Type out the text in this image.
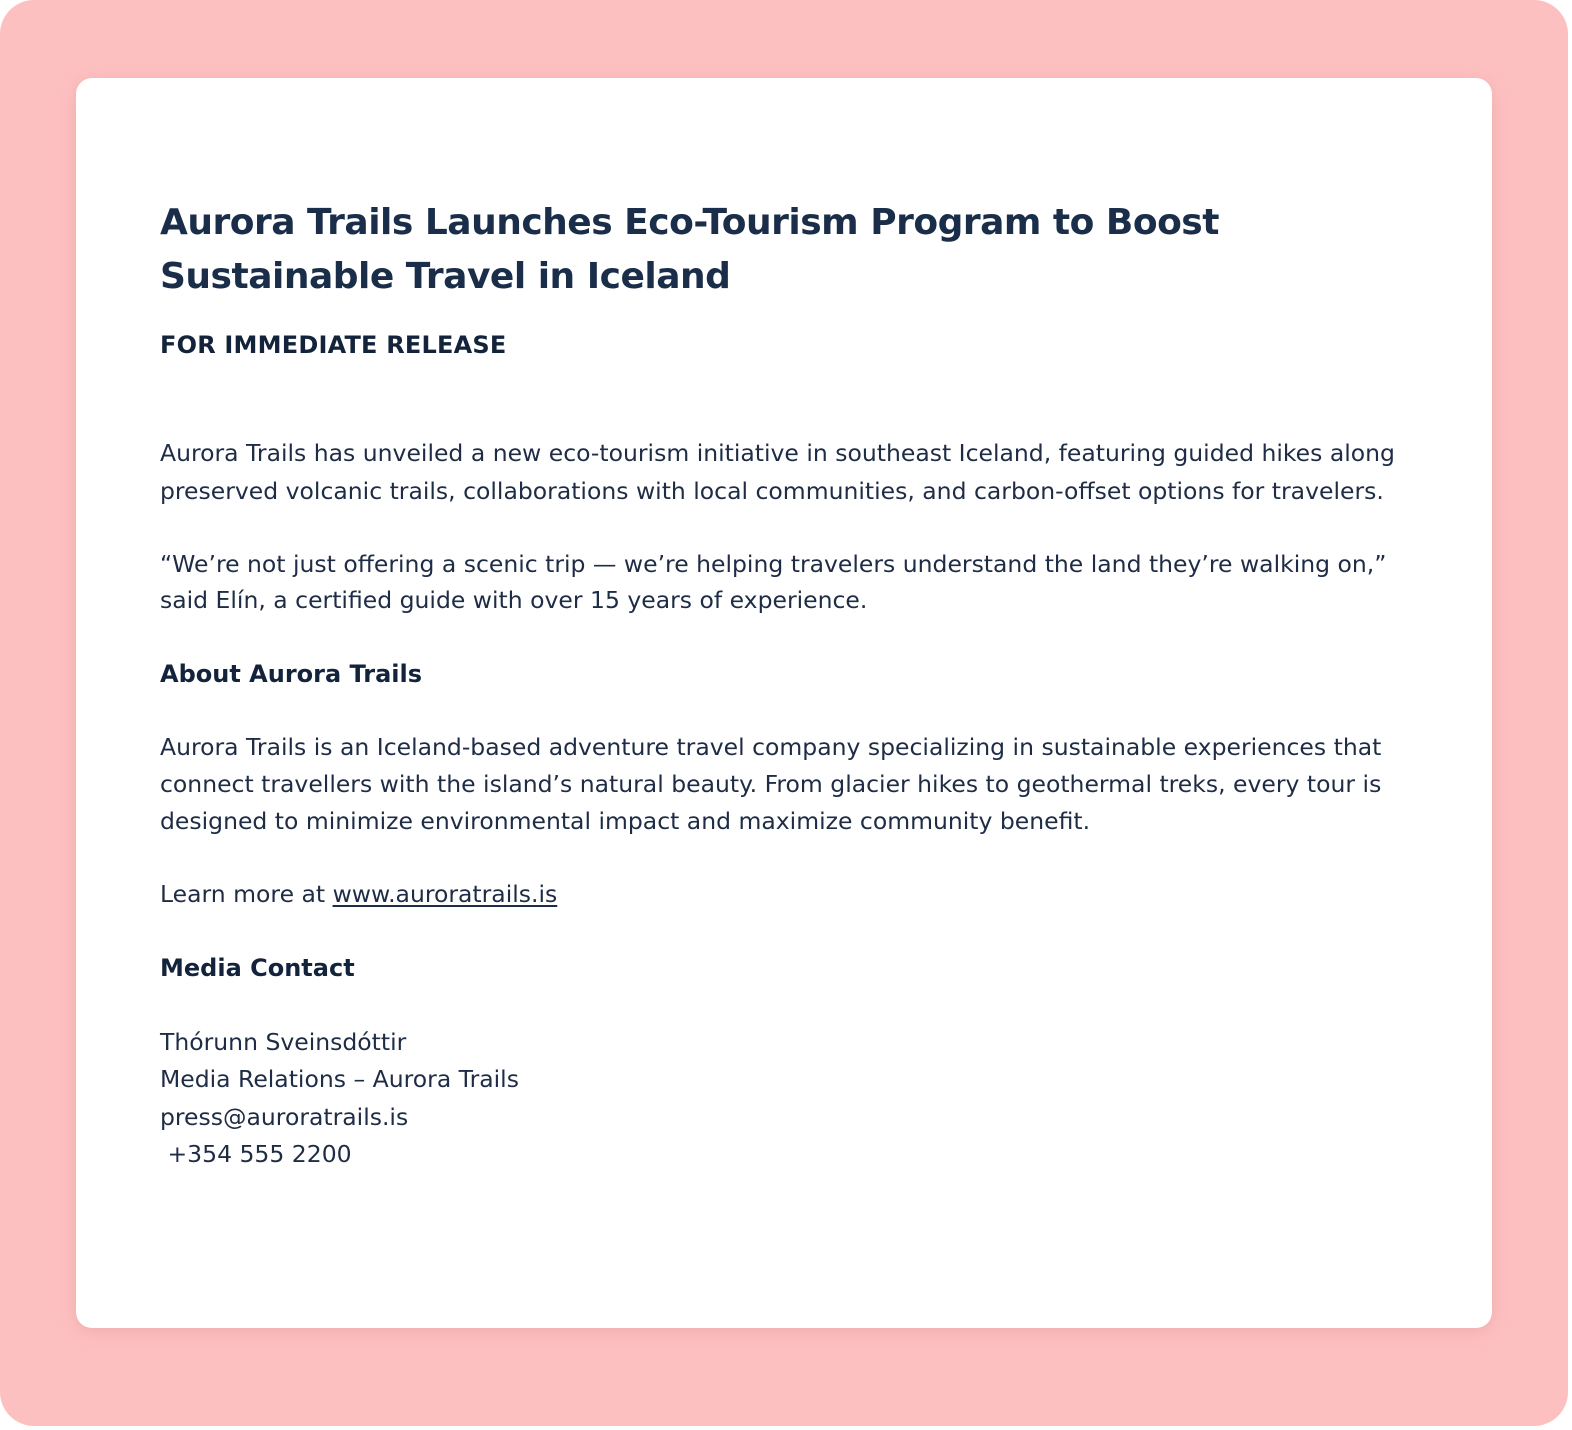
Aurora Trails Launches Eco-Tourism Program to Boost Sustainable Travel in Iceland
FOR IMMEDIATE RELEASE

Aurora Trails has unveiled a new eco-tourism initiative in southeast Iceland, featuring guided hikes along preserved volcanic trails, collaborations with local communities, and carbon-offset options for travelers.

“We’re not just offering a scenic trip — we’re helping travelers understand the land they’re walking on,” said Elín, a certified guide with over 15 years of experience.

About Aurora Trails

Aurora Trails is an Iceland-based adventure travel company specializing in sustainable experiences that connect travellers with the island’s natural beauty. From glacier hikes to geothermal treks, every tour is designed to minimize environmental impact and maximize community benefit.

Learn more at www.auroratrails.is

Media Contact
Thórunn Sveinsdóttir
Media Relations – Aurora Trails
press@auroratrails.is
+354 555 2200
